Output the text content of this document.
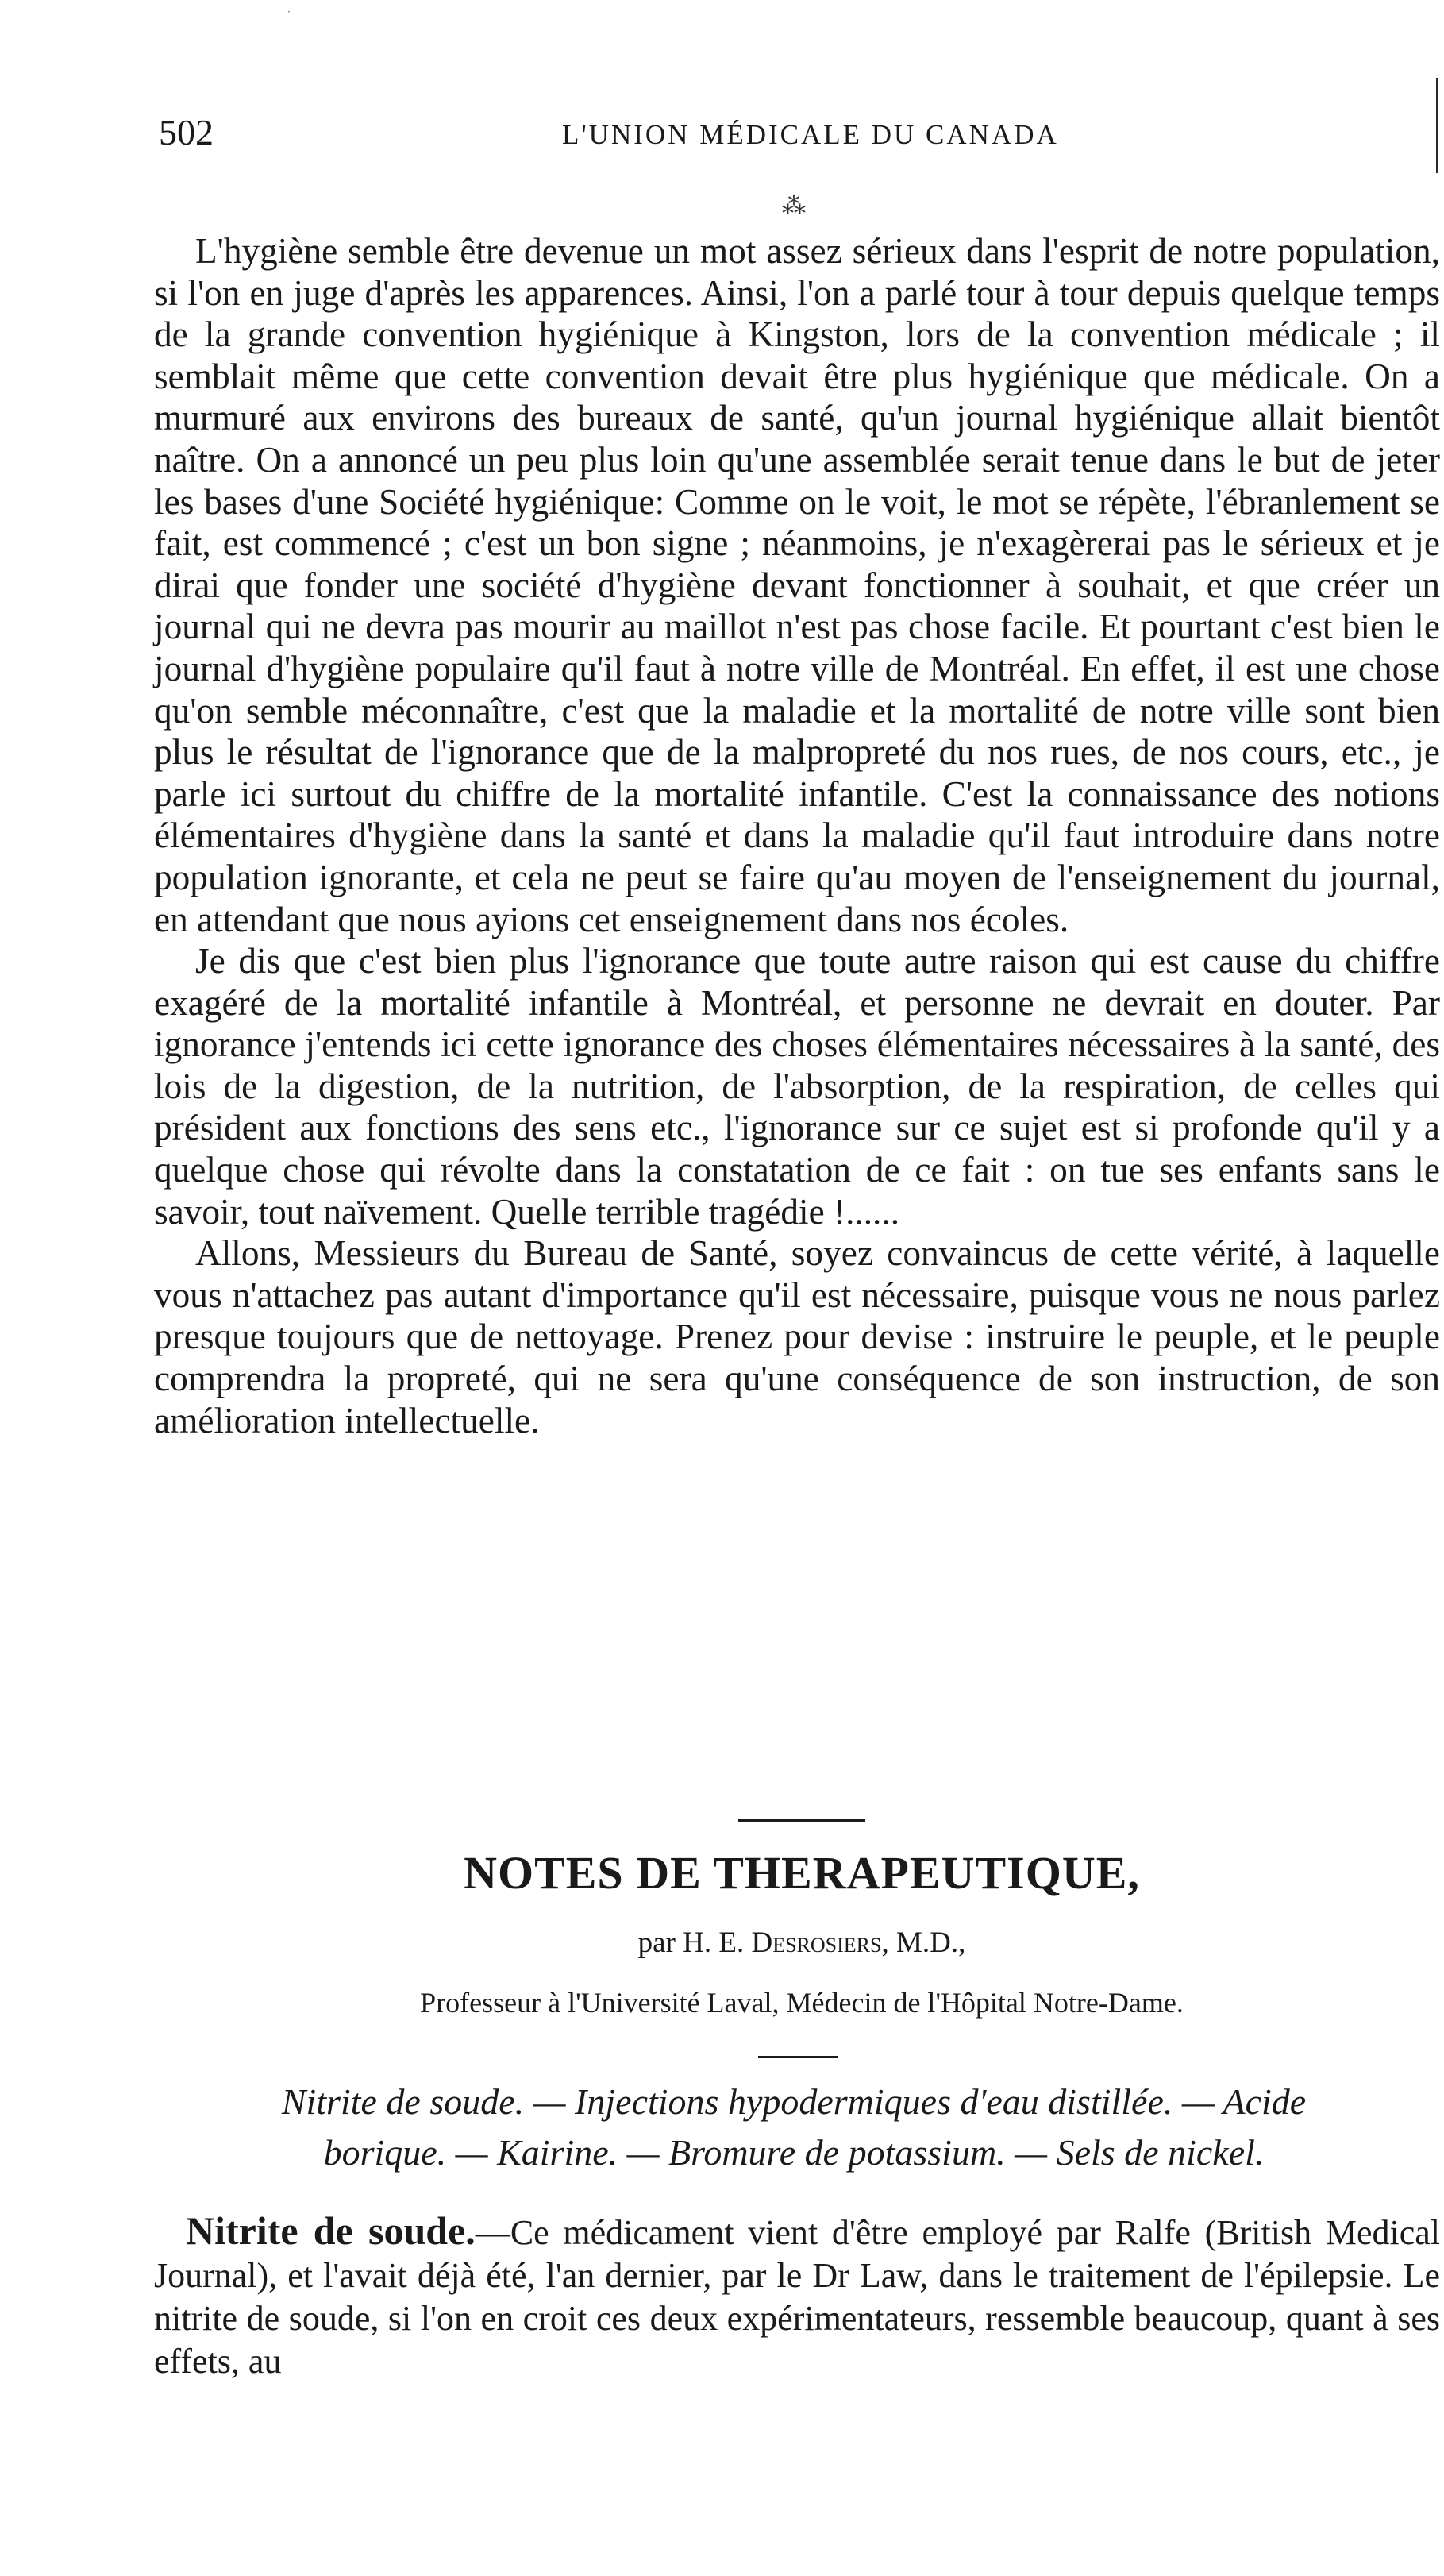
·
502	L'UNION MÉDICALE DU CANADA
⁂

L'hygiène semble être devenue un mot assez sérieux dans l'esprit de notre population, si l'on en juge d'après les apparences. Ainsi, l'on a parlé tour à tour depuis quelque temps de la grande convention hygiénique à Kingston, lors de la convention médicale ; il semblait même que cette convention devait être plus hygiénique que médicale. On a murmuré aux environs des bureaux de santé, qu'un journal hygiénique allait bientôt naître. On a annoncé un peu plus loin qu'une assemblée serait tenue dans le but de jeter les bases d'une Société hygiénique: Comme on le voit, le mot se répète, l'ébranlement se fait, est commencé ; c'est un bon signe ; néanmoins, je n'exagèrerai pas le sérieux et je dirai que fonder une société d'hygiène devant fonctionner à souhait, et que créer un journal qui ne devra pas mourir au maillot n'est pas chose facile. Et pourtant c'est bien le journal d'hygiène populaire qu'il faut à notre ville de Montréal. En effet, il est une chose qu'on semble méconnaître, c'est que la maladie et la mortalité de notre ville sont bien plus le résultat de l'ignorance que de la malpropreté du nos rues, de nos cours, etc., je parle ici surtout du chiffre de la mortalité infantile. C'est la connaissance des notions élémentaires d'hygiène dans la santé et dans la maladie qu'il faut introduire dans notre population ignorante, et cela ne peut se faire qu'au moyen de l'enseignement du journal, en attendant que nous ayions cet enseignement dans nos écoles.

Je dis que c'est bien plus l'ignorance que toute autre raison qui est cause du chiffre exagéré de la mortalité infantile à Montréal, et personne ne devrait en douter. Par ignorance j'entends ici cette ignorance des choses élémentaires nécessaires à la santé, des lois de la digestion, de la nutrition, de l'absorption, de la respiration, de celles qui président aux fonctions des sens etc., l'ignorance sur ce sujet est si profonde qu'il y a quelque chose qui révolte dans la constatation de ce fait : on tue ses enfants sans le savoir, tout naïvement. Quelle terrible tragédie !......

Allons, Messieurs du Bureau de Santé, soyez convaincus de cette vérité, à laquelle vous n'attachez pas autant d'importance qu'il est nécessaire, puisque vous ne nous parlez presque toujours que de nettoyage. Prenez pour devise : instruire le peuple, et le peuple comprendra la propreté, qui ne sera qu'une conséquence de son instruction, de son amélioration intellectuelle.

NOTES DE THERAPEUTIQUE,
par H. E. Desrosiers, M.D.,
Professeur à l'Université Laval, Médecin de l'Hôpital Notre-Dame.
Nitrite de soude. — Injections hypodermiques d'eau distillée. — Acide
borique. — Kairine. — Bromure de potassium. — Sels de nickel.
Nitrite de soude.—Ce médicament vient d'être employé par Ralfe (British Medical Journal), et l'avait déjà été, l'an dernier, par le Dr Law, dans le traitement de l'épilepsie. Le nitrite de soude, si l'on en croit ces deux expérimentateurs, ressemble beaucoup, quant à ses effets, au
